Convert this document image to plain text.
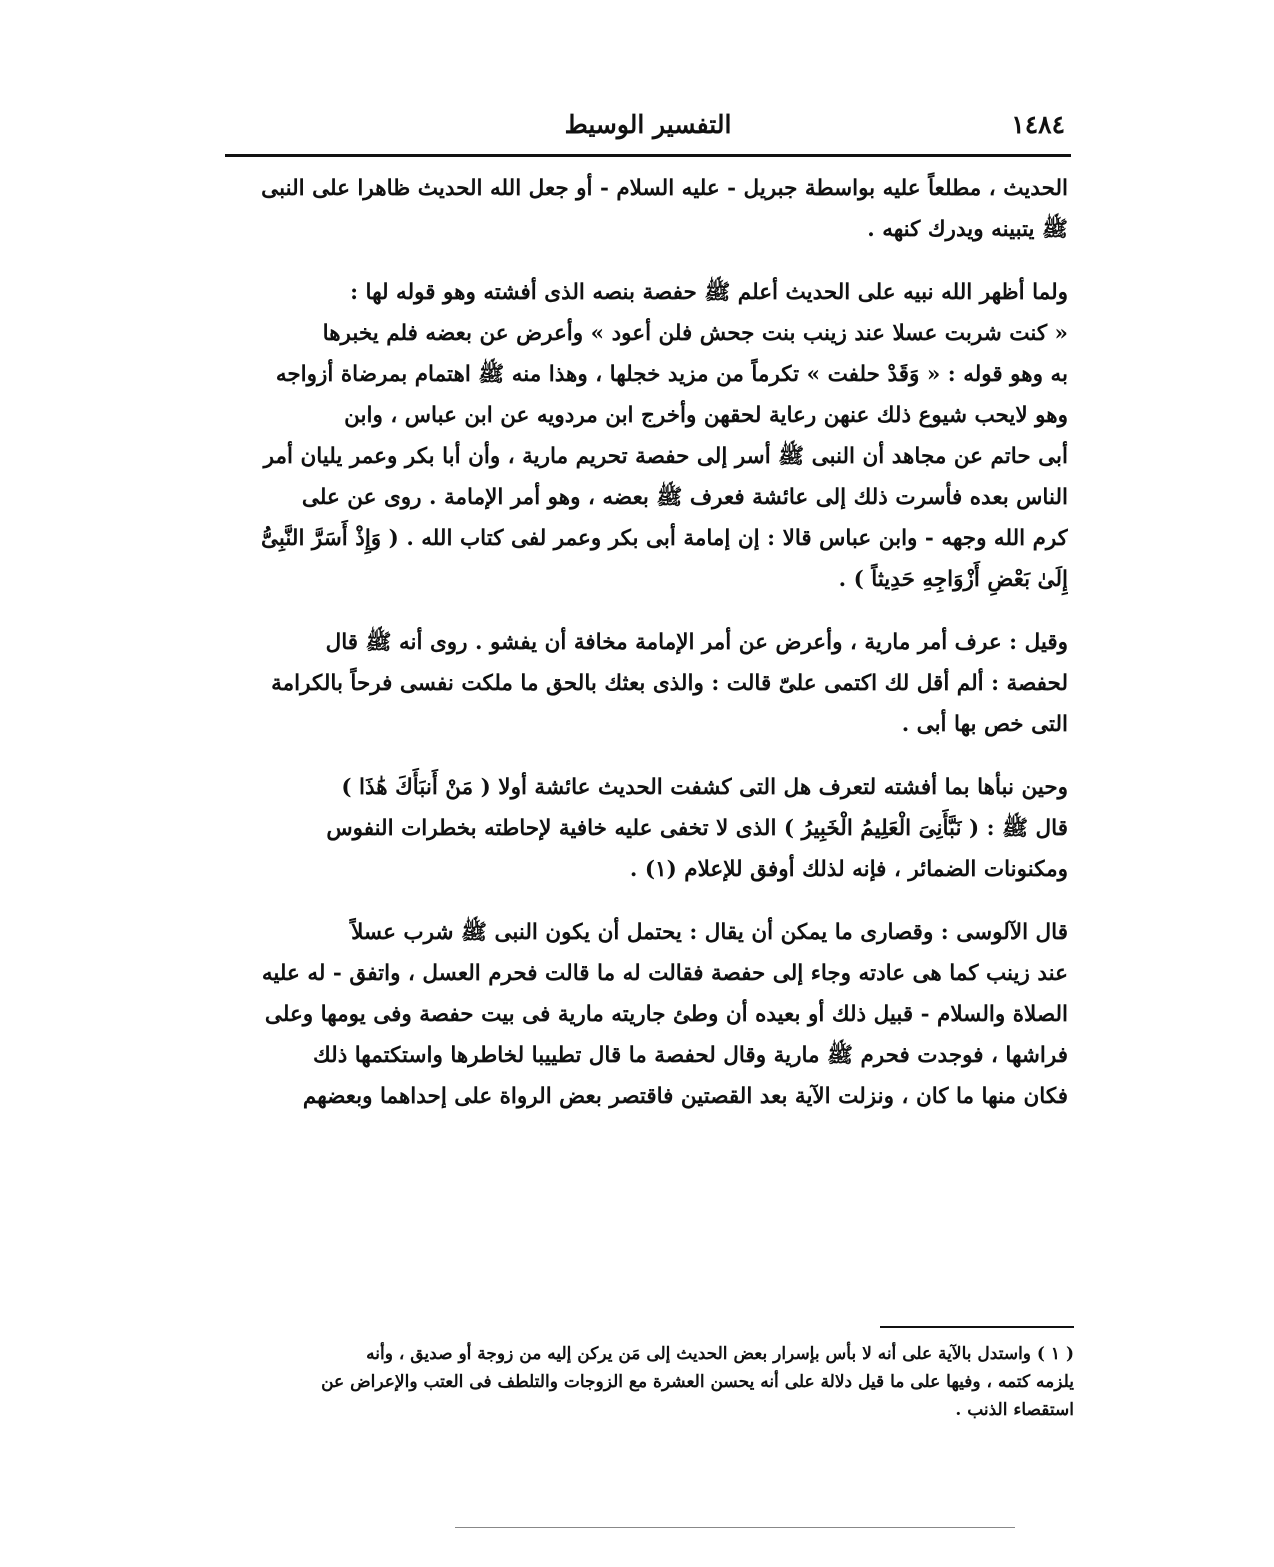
١٤٨٤
التفسير الوسيط

الحديث ، مطلعاً عليه بواسطة جبريل - عليه السلام - أو جعل الله الحديث ظاهرا على النبى
ﷺ يتبينه ويدرك كنهه .

ولما أظهر الله نبيه على الحديث أعلم ﷺ حفصة بنصه الذى أفشته وهو قوله لها :
« كنت شربت عسلا عند زينب بنت جحش فلن أعود » وأعرض عن بعضه فلم يخبرها
به وهو قوله : « وَقَدْ حلفت » تكرماً من مزيد خجلها ، وهذا منه ﷺ اهتمام بمرضاة أزواجه
وهو لايحب شيوع ذلك عنهن رعاية لحقهن وأخرج ابن مردويه عن ابن عباس ، وابن
أبى حاتم عن مجاهد أن النبى ﷺ أسر إلى حفصة تحريم مارية ، وأن أبا بكر وعمر يليان أمر
الناس بعده فأسرت ذلك إلى عائشة فعرف ﷺ بعضه ، وهو أمر الإمامة . روى عن على
كرم الله وجهه - وابن عباس قالا : إن إمامة أبى بكر وعمر لفى كتاب الله . ( وَإِذْ أَسَرَّ النَّبِىُّ
إِلَىٰ بَعْضِ أَزْوَاجِهِ حَدِيثاً ) .

وقيل : عرف أمر مارية ، وأعرض عن أمر الإمامة مخافة أن يفشو . روى أنه ﷺ قال
لحفصة : ألم أقل لك اكتمى علىّ قالت : والذى بعثك بالحق ما ملكت نفسى فرحاً بالكرامة
التى خص بها أبى .

وحين نبأها بما أفشته لتعرف هل التى كشفت الحديث عائشة أولا ( مَنْ أَنبَأَكَ هَٰذَا )
قال ﷺ : ( نَبَّأَنِىَ الْعَلِيمُ الْخَبِيرُ ) الذى لا تخفى عليه خافية لإحاطته بخطرات النفوس
ومكنونات الضمائر ، فإنه لذلك أوفق للإعلام (١) .

قال الآلوسى : وقصارى ما يمكن أن يقال : يحتمل أن يكون النبى ﷺ شرب عسلاً
عند زينب كما هى عادته وجاء إلى حفصة فقالت له ما قالت فحرم العسل ، واتفق - له عليه
الصلاة والسلام - قبيل ذلك أو بعيده أن وطئ جاريته مارية فى بيت حفصة وفى يومها وعلى
فراشها ، فوجدت فحرم ﷺ مارية وقال لحفصة ما قال تطييبا لخاطرها واستكتمها ذلك
فكان منها ما كان ، ونزلت الآية بعد القصتين فاقتصر بعض الرواة على إحداهما وبعضهم

( ١ ) واستدل بالآية على أنه لا بأس بإسرار بعض الحديث إلى مَن يركن إليه من زوجة أو صديق ، وأنه
يلزمه كتمه ، وفيها على ما قيل دلالة على أنه يحسن العشرة مع الزوجات والتلطف فى العتب والإعراض عن
استقصاء الذنب .
